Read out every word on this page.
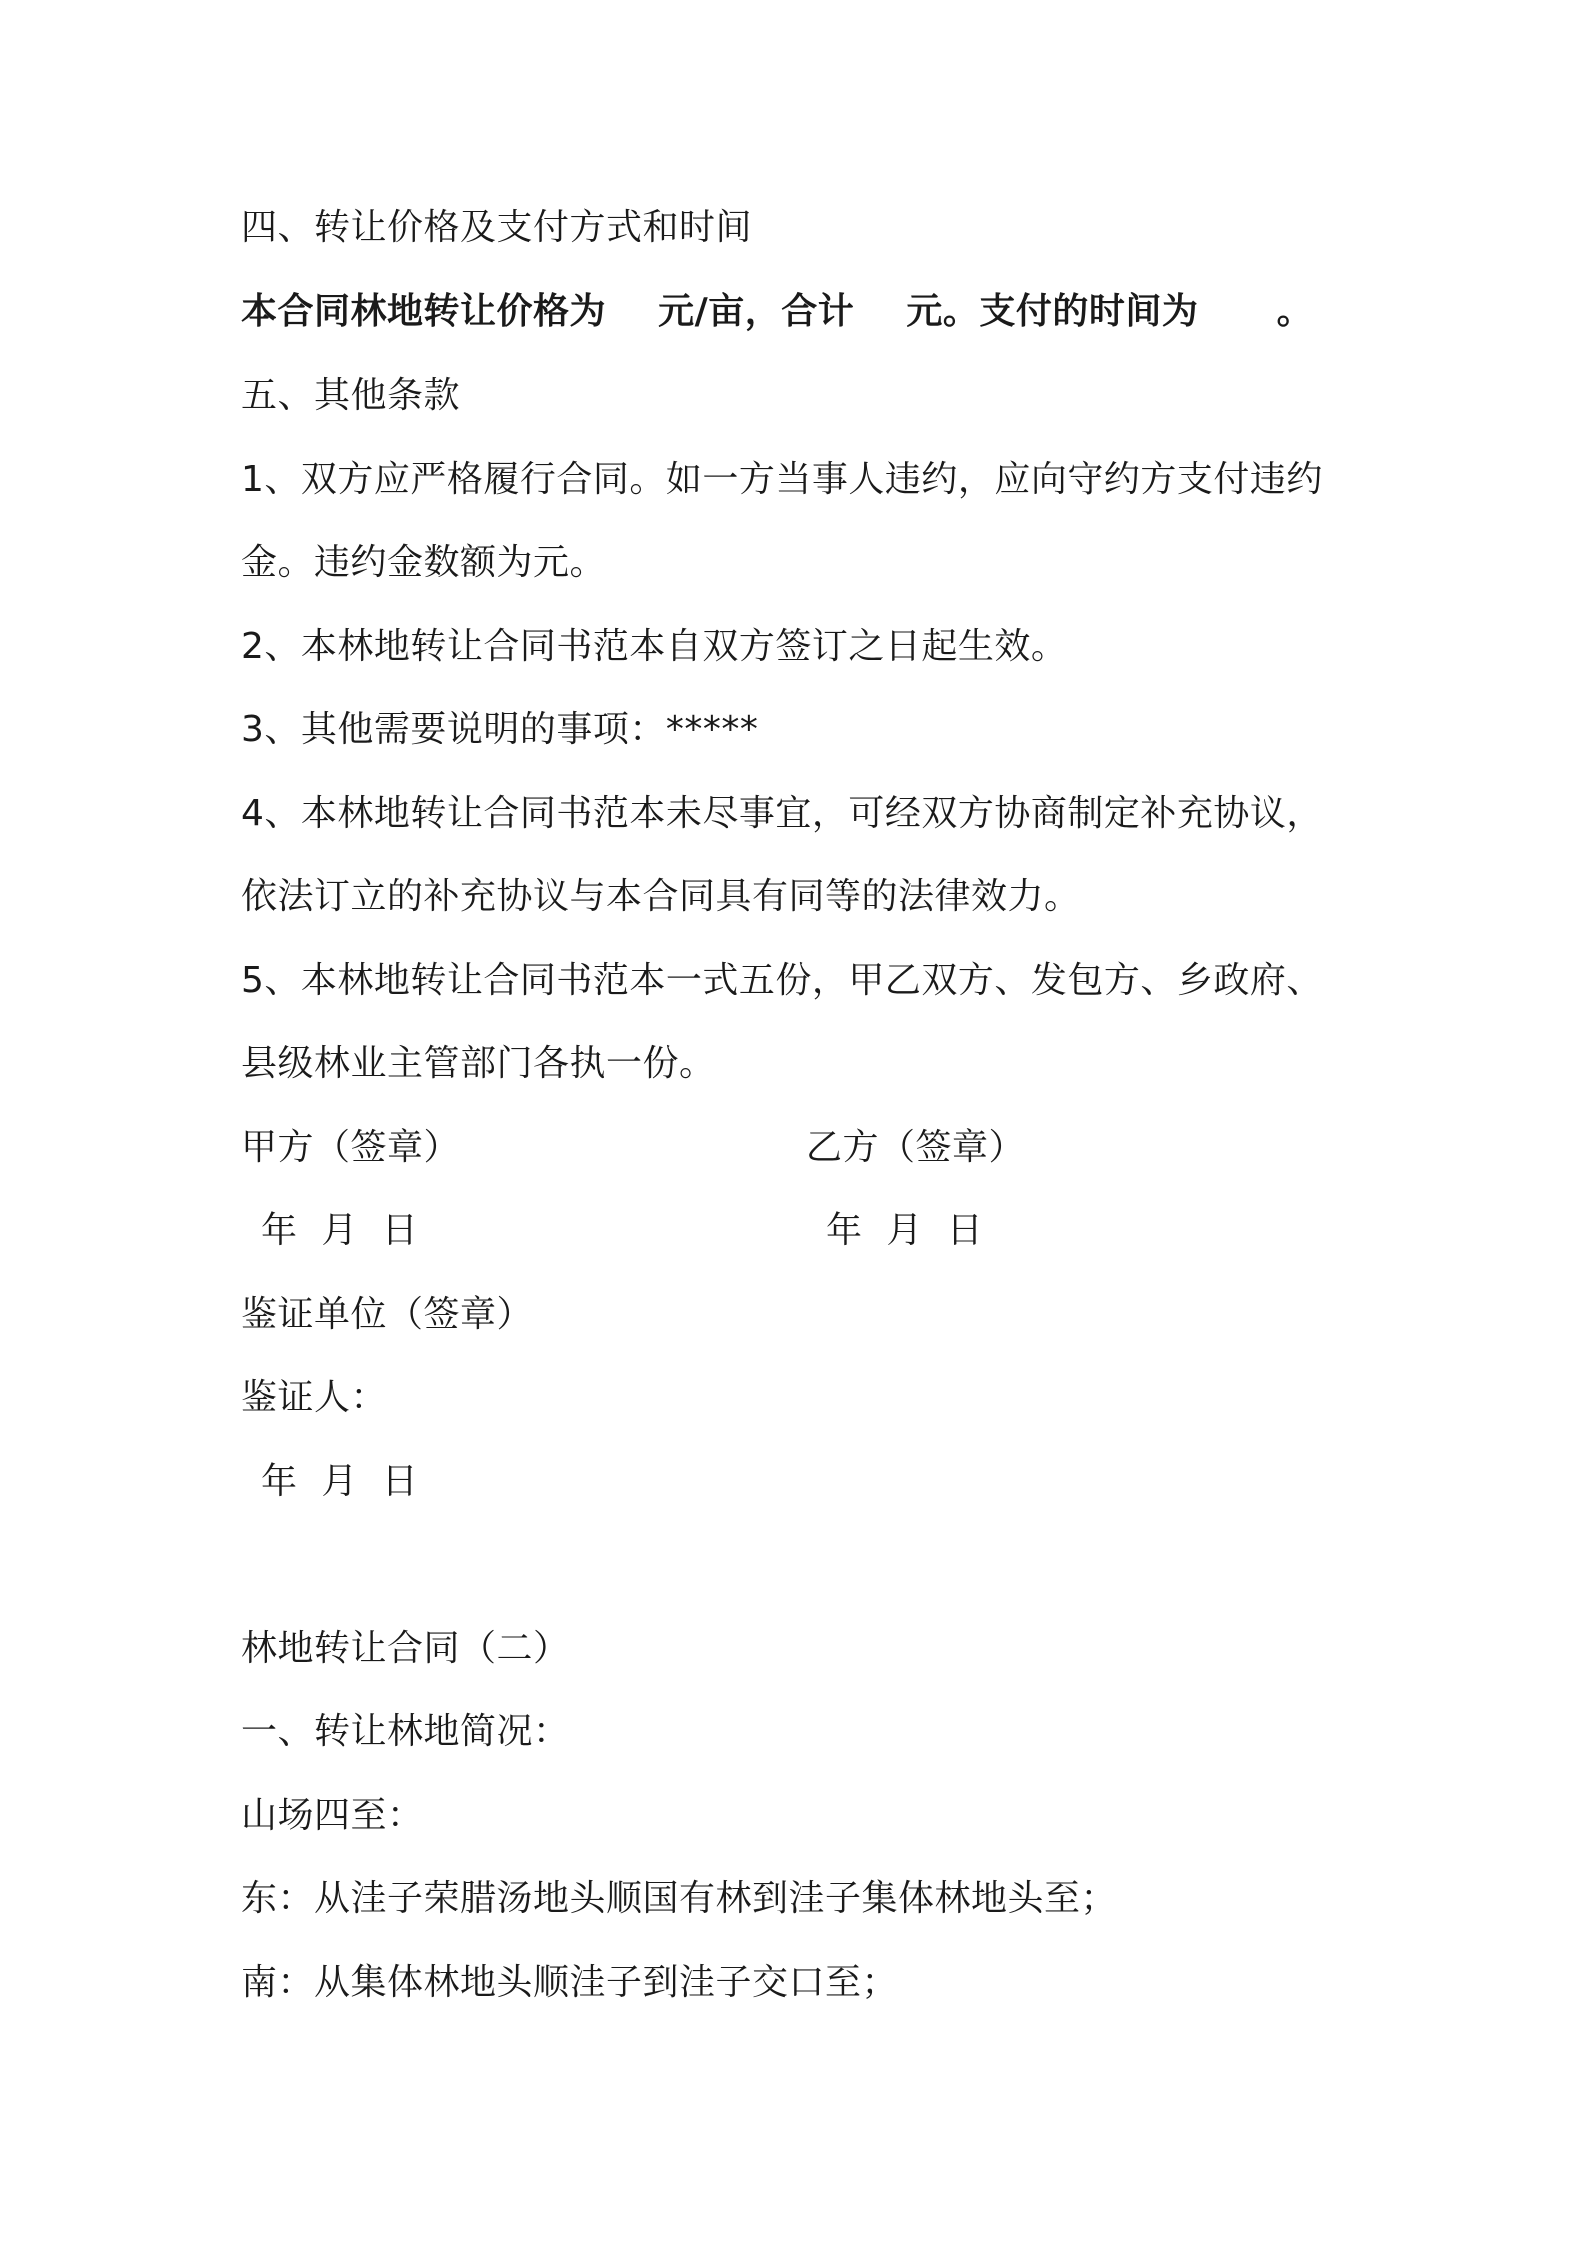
四、转让价格及支付方式和时间
本合同林地转让价格为    元/亩，合计    元。支付的时间为      。
五、其他条款
1、双方应严格履行合同。如一方当事人违约，应向守约方支付违约
金。违约金数额为元。
2、本林地转让合同书范本自双方签订之日起生效。
3、其他需要说明的事项：*****
4、本林地转让合同书范本未尽事宜，可经双方协商制定补充协议，
依法订立的补充协议与本合同具有同等的法律效力。
5、本林地转让合同书范本一式五份，甲乙双方、发包方、乡政府、
县级林业主管部门各执一份。
甲方（签章）	乙方（签章）
年  月  日	年  月  日
鉴证单位（签章）
鉴证人：
年  月  日
林地转让合同（二）
一、转让林地简况：
山场四至：
东：从洼子荣腊汤地头顺国有林到洼子集体林地头至；
南：从集体林地头顺洼子到洼子交口至；
